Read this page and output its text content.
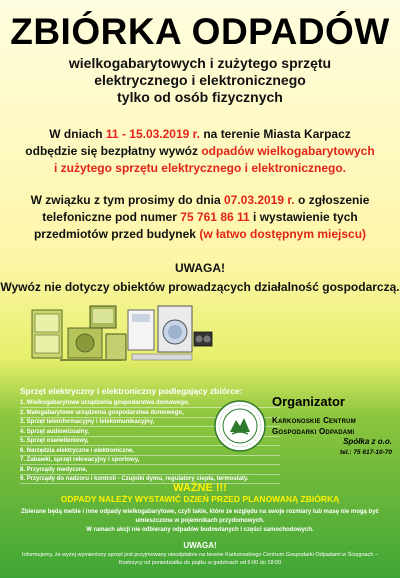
ZBIÓRKA ODPADÓW
wielkogabarytowych i zużytego sprzętu
elektrycznego i elektronicznego
tylko od osób fizycznych
W dniach 11 - 15.03.2019 r. na terenie Miasta Karpacz
odbędzie się bezpłatny wywóz odpadów wielkogabarytowych
i zużytego sprzętu elektrycznego i elektronicznego.
W związku z tym prosimy do dnia 07.03.2019 r. o zgłoszenie
telefoniczne pod numer 75 761 86 11 i wystawienie tych
przedmiotów przed budynek (w łatwo dostępnym miejscu)
UWAGA!
Wywóz nie dotyczy obiektów prowadzących działalność gospodarczą.
Sprzęt elektryczny i elektroniczny podlegający zbiórce:
1. Wielkogabarytowe urządzenia gospodarstwa domowego,
2. Małogabarytowe urządzenia gospodarstwa domowego,
3. Sprzęt teleinformacyjny i telekomunikacyjny,
4. Sprzęt audiowizualny,
5. Sprzęt oświetleniowy,
6. Narzędzia elektryczne i elektroniczne,
7. Zabawki, sprzęt rekreacyjny i sportowy,
8. Przyrządy medyczne,
9. Przyrządy do nadzoru i kontroli - Czujniki dymu, regulatory ciepła, termostaty.
Organizator
Karkonoskie Centrum
Gospodarki Odpadami
Spółka z o.o.
tel.: 75 617-10-70
WAŻNE !!!
ODPADY NALEŻY WYSTAWIĆ DZIEŃ PRZED PLANOWANĄ ZBIÓRKĄ
Zbierane będą meble i inne odpady wielkogabarytowe, czyli takie, które ze względu na swoje rozmiary lub masę nie mogą być umieszczone w pojemnikach przydomowych.
W ramach akcji nie odbierany odpadów budowlanych i części samochodowych.
UWAGA!
Informujemy, że wyżej wymieniony sprzęt jest przyjmowany nieodpłatnie na terenie Karkonoskiego Centrum Gospodarki Odpadami w Ścięgnach – Kostrzycy od poniedziałku do piątku w godzinach od 6:00 do 18:00
